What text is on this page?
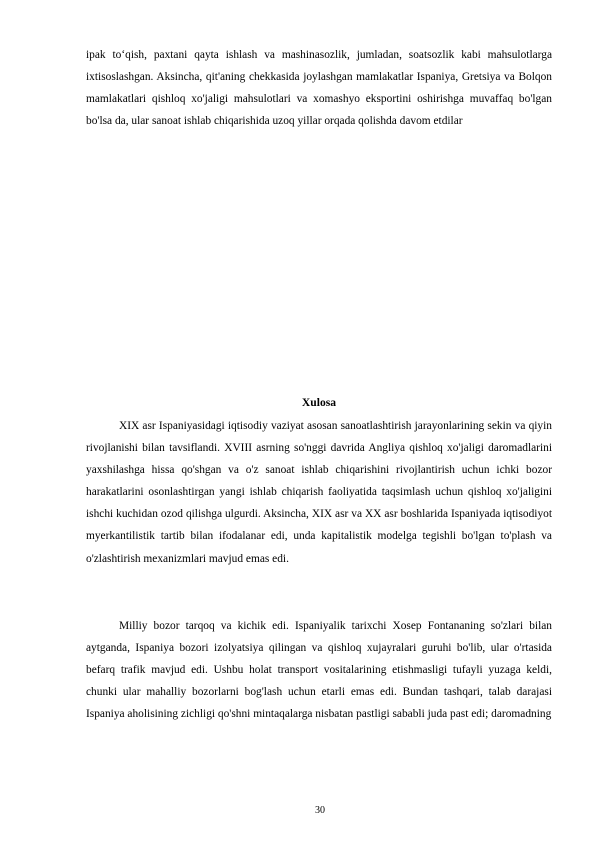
ipak to‘qish, paxtani qayta ishlash va mashinasozlik, jumladan, soatsozlik kabi mahsulotlarga ixtisoslashgan. Aksincha, qit'aning chekkasida joylashgan mamlakatlar Ispaniya, Gretsiya va Bolqon mamlakatlari qishloq xo'jaligi mahsulotlari va xomashyo eksportini oshirishga muvaffaq bo'lgan bo'lsa da, ular sanoat ishlab chiqarishida uzoq yillar orqada qolishda davom etdilar

Xulosa

XIX asr Ispaniyasidagi iqtisodiy vaziyat asosan sanoatlashtirish jarayonlarining sekin va qiyin rivojlanishi bilan tavsiflandi. XVIII asrning so'nggi davrida Angliya qishloq xo'jaligi daromadlarini yaxshilashga hissa qo'shgan va o'z sanoat ishlab chiqarishini rivojlantirish uchun ichki bozor harakatlarini osonlashtirgan yangi ishlab chiqarish faoliyatida taqsimlash uchun qishloq xo'jaligini ishchi kuchidan ozod qilishga ulgurdi. Aksincha, XIX asr va XX asr boshlarida Ispaniyada iqtisodiyot myerkantilistik tartib bilan ifodalanar edi, unda kapitalistik modelga tegishli bo'lgan to'plash va o'zlashtirish mexanizmlari mavjud emas edi.

Milliy bozor tarqoq va kichik edi. Ispaniyalik tarixchi Xosep Fontananing so'zlari bilan aytganda, Ispaniya bozori izolyatsiya qilingan va qishloq xujayralari guruhi bo'lib, ular o'rtasida befarq trafik mavjud edi. Ushbu holat transport vositalarining etishmasligi tufayli yuzaga keldi, chunki ular mahalliy bozorlarni bog'lash uchun etarli emas edi. Bundan tashqari, talab darajasi Ispaniya aholisining zichligi qo'shni mintaqalarga nisbatan pastligi sababli juda past edi; daromadning

30
